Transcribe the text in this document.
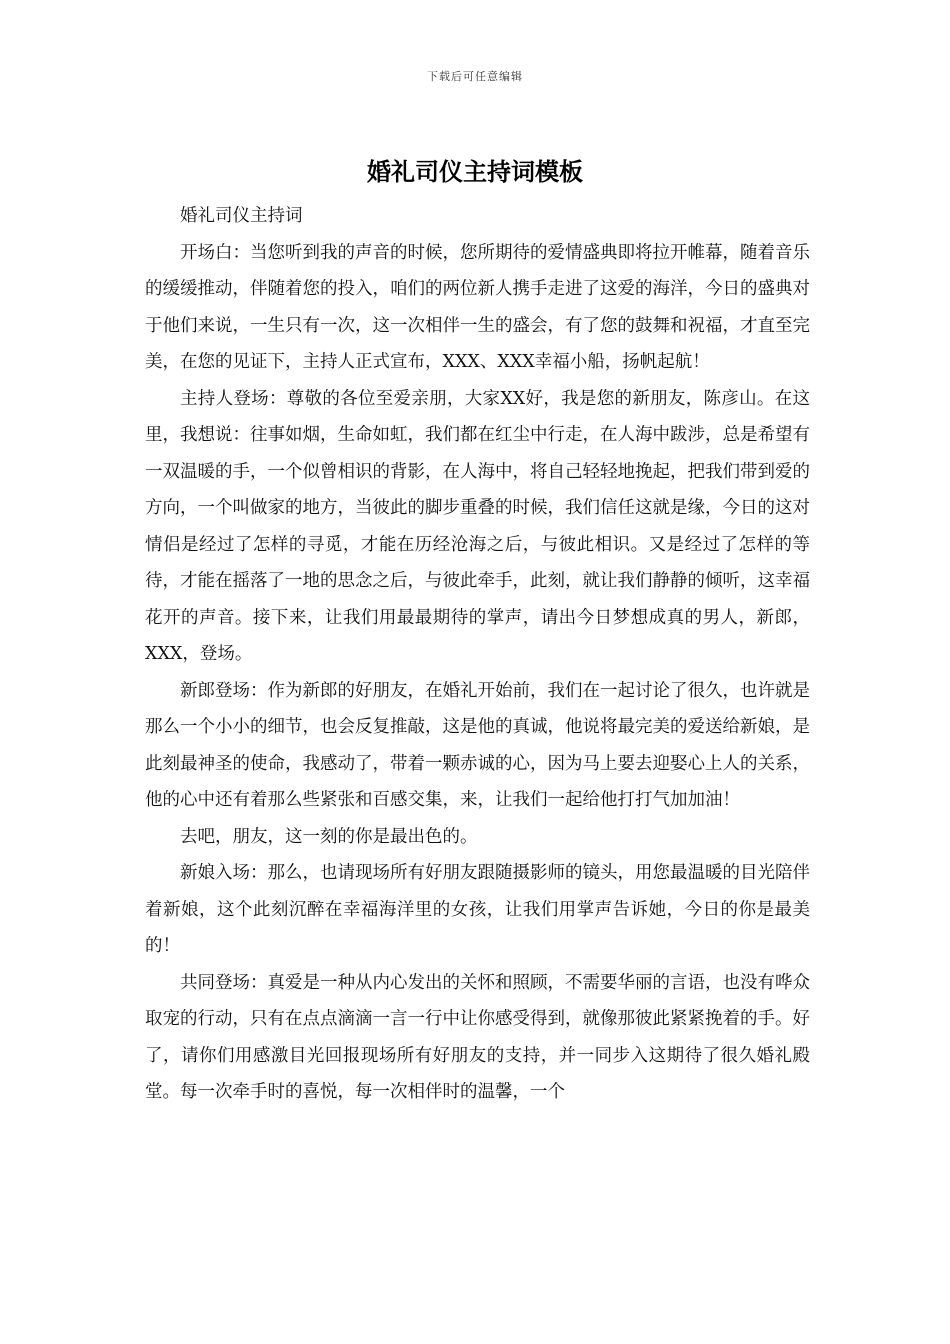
下载后可任意编辑
婚礼司仪主持词模板

婚礼司仪主持词

开场白：当您听到我的声音的时候，您所期待的爱情盛典即将拉开帷幕，随着音乐的缓缓推动，伴随着您的投入，咱们的两位新人携手走进了这爱的海洋，今日的盛典对于他们来说，一生只有一次，这一次相伴一生的盛会，有了您的鼓舞和祝福，才直至完美，在您的见证下，主持人正式宣布，XXX、XXX幸福小船，扬帆起航！

主持人登场：尊敬的各位至爱亲朋，大家XX好，我是您的新朋友，陈彦山。在这里，我想说：往事如烟，生命如虹，我们都在红尘中行走，在人海中跋涉，总是希望有一双温暖的手，一个似曾相识的背影，在人海中，将自己轻轻地挽起，把我们带到爱的方向，一个叫做家的地方，当彼此的脚步重叠的时候，我们信任这就是缘，今日的这对情侣是经过了怎样的寻觅，才能在历经沧海之后，与彼此相识。又是经过了怎样的等待，才能在摇落了一地的思念之后，与彼此牵手，此刻，就让我们静静的倾听，这幸福花开的声音。接下来，让我们用最最期待的掌声，请出今日梦想成真的男人，新郎，XXX，登场。

新郎登场：作为新郎的好朋友，在婚礼开始前，我们在一起讨论了很久，也许就是那么一个小小的细节，也会反复推敲，这是他的真诚，他说将最完美的爱送给新娘，是此刻最神圣的使命，我感动了，带着一颗赤诚的心，因为马上要去迎娶心上人的关系，他的心中还有着那么些紧张和百感交集，来，让我们一起给他打打气加加油！

去吧，朋友，这一刻的你是最出色的。

新娘入场：那么，也请现场所有好朋友跟随摄影师的镜头，用您最温暖的目光陪伴着新娘，这个此刻沉醉在幸福海洋里的女孩，让我们用掌声告诉她，今日的你是最美的！

共同登场：真爱是一种从内心发出的关怀和照顾，不需要华丽的言语，也没有哗众取宠的行动，只有在点点滴滴一言一行中让你感受得到，就像那彼此紧紧挽着的手。好了，请你们用感激目光回报现场所有好朋友的支持，并一同步入这期待了很久婚礼殿堂。每一次牵手时的喜悦，每一次相伴时的温馨，一个
